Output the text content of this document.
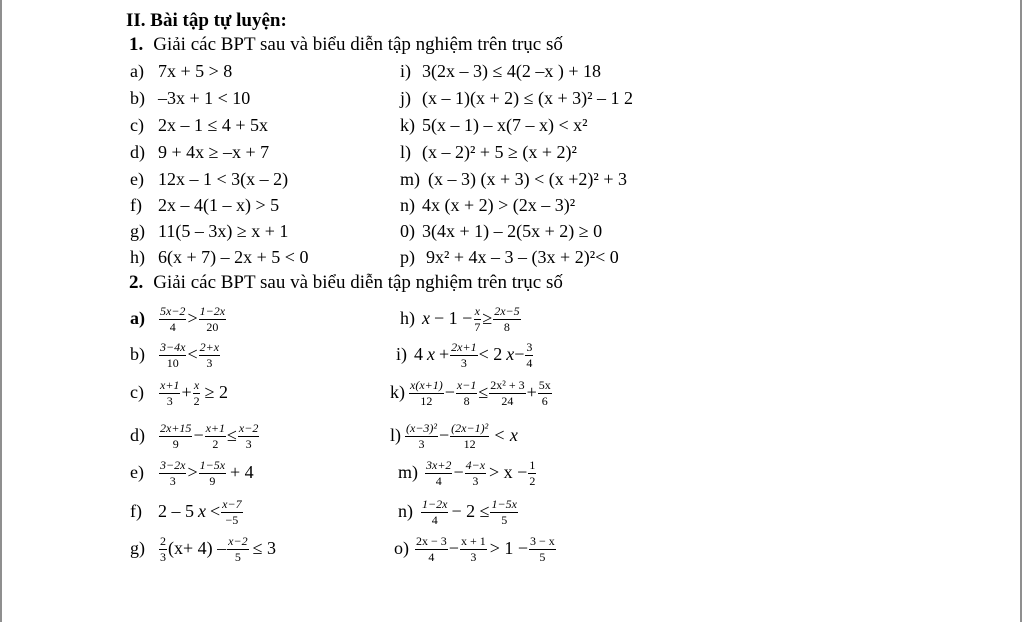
II. Bài tập tự luyện:
1. Giải các BPT sau và biểu diễn tập nghiệm trên trục số
a) 7x + 5 > 8
b) –3x + 1 < 10
c) 2x – 1 ≤ 4 + 5x
d) 9 + 4x ≥ –x + 7
e) 12x – 1 < 3(x – 2)
f) 2x – 4(1 – x) > 5
g) 11(5 – 3x) ≥ x + 1
h) 6(x + 7) – 2x + 5 < 0
i) 3(2x – 3) ≤ 4(2 –x ) + 18
j) (x – 1)(x + 2) ≤ (x + 3)² – 1 2
k) 5(x – 1) – x(7 – x) < x²
l) (x – 2)² + 5 ≥ (x + 2)²
m) (x – 3) (x + 3) < (x +2)² + 3
n) 4x (x + 2) > (2x – 3)²
0) 3(4x + 1) – 2(5x + 2) ≥ 0
p) 9x² + 4x – 3 – (3x + 2)²< 0
2. Giải các BPT sau và biểu diễn tập nghiệm trên trục số
$a) \frac{5x-2}{4} > \frac{1-2x}{20}$
$b) \frac{3-4x}{10} < \frac{2+x}{3}$
$c) \frac{x+1}{3} + \frac{x}{2} \ge 2$
$d) \frac{2x+15}{9} - \frac{x+1}{2} \le \frac{x-2}{3}$
$e) \frac{3-2x}{3} > \frac{1-5x}{9} + 4$
f) 2 – 5 $x < \frac{x-7}{-5}$
$g) \frac{2}{3} (x+ 4) - \frac{x-2}{5} \le 3$
h) $x - 1 - \frac{x}{7} \ge \frac{2x-5}{8}$
i) 4 $x + \frac{2x+1}{3} < 2$ $x- \frac{3}{4}$
$k) \frac{x(x+1)}{12} - \frac{x-1}{8} \le \frac{\text{2x² + 3}}{24} + \frac{5x}{6}$
$l) \frac{\text{(x−3)²}}{3} - \frac{\text{(2x−1)²}}{12} < x$
$m) \frac{3x+2}{4} - \frac{4-x}{3} > x - \frac{1}{2}$
$n) \frac{1-2x}{4} - 2 \le \frac{1-5x}{5}$
$o) \frac{2x - 3}{4} - \frac{x + 1}{3} > 1 - \frac{3 - x}{5}$
